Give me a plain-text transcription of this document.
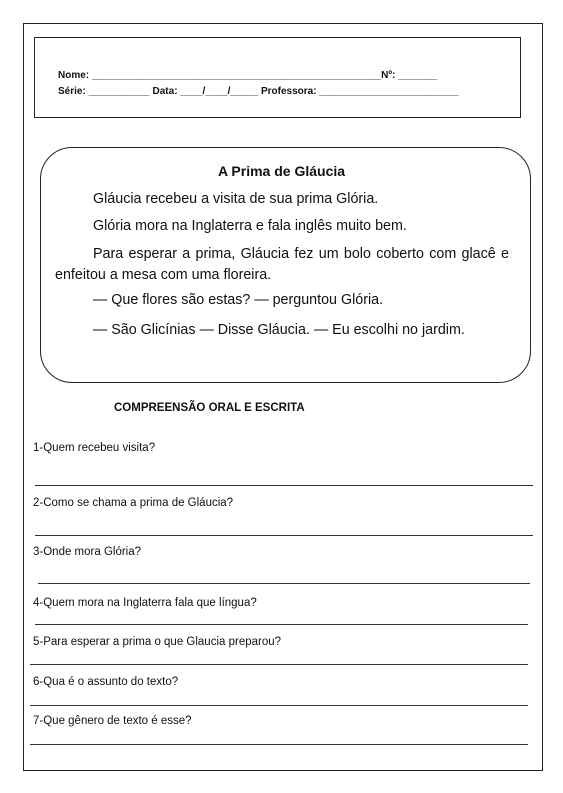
Nome: ____________________________________________________Nº: _______
Série: ___________ Data: ____/____/_____ Professora: _________________________
A Prima de Gláucia
Gláucia recebeu a visita de sua prima Glória.
Glória mora na Inglaterra e fala inglês muito bem.
Para esperar a prima, Gláucia fez um bolo coberto com glacê e enfeitou a mesa com uma floreira.
— Que flores são estas? — perguntou Glória.
— São Glicínias — Disse Gláucia. — Eu escolhi no jardim.
COMPREENSÃO ORAL E ESCRITA
1-Quem recebeu visita?
2-Como se chama a prima de Gláucia?
3-Onde mora Glória?
4-Quem mora na Inglaterra fala que língua?
5-Para esperar a prima o que Glaucia preparou?
6-Qua é o assunto do texto?
7-Que gênero de texto é esse?
